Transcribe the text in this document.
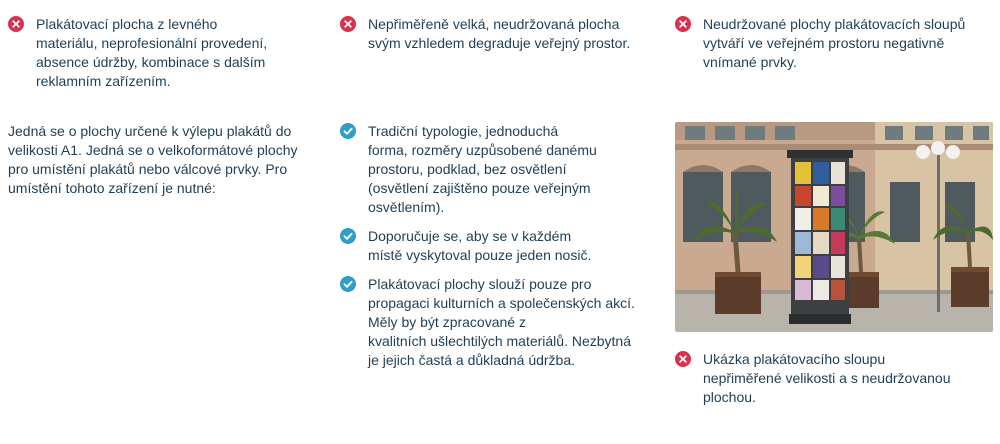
Plakátovací plocha z levného
materiálu, neprofesionální provedení,
absence údržby, kombinace s dalším
reklamním zařízením.
Nepřiměřeně velká, neudržovaná plocha
svým vzhledem degraduje veřejný prostor.
Neudržované plochy plakátovacích sloupů
vytváří ve veřejném prostoru negativně
vnímané prvky.
Jedná se o plochy určené k výlepu plakátů do
velikosti A1. Jedná se o velkoformátové plochy
pro umístění plakátů nebo válcové prvky. Pro
umístění tohoto zařízení je nutné:
Tradiční typologie, jednoduchá
forma, rozměry uzpůsobené danému
prostoru, podklad, bez osvětlení
(osvětlení zajištěno pouze veřejným
osvětlením).
Doporučuje se, aby se v každém
místě vyskytoval pouze jeden nosič.
Plakátovací plochy slouží pouze pro
propagaci kulturních a společenských akcí.
Měly by být zpracované z
kvalitních ušlechtilých materiálů. Nezbytná
je jejich častá a důkladná údržba.	Ukázka plakátovacího sloupu
nepřiměřené velikosti a s neudržovanou
plochou.
